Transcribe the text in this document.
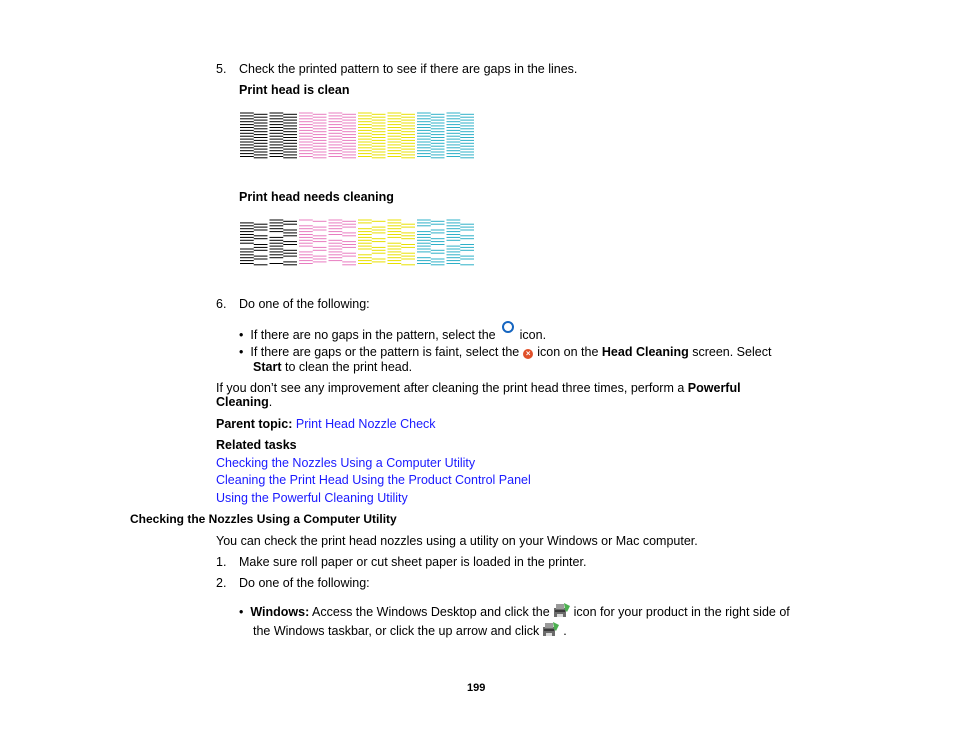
5. Check the printed pattern to see if there are gaps in the lines.
Print head is clean
Print head needs cleaning
6. Do one of the following:
• If there are no gaps in the pattern, select the icon.
• If there are gaps or the pattern is faint, select the × icon on the Head Cleaning screen. Select
Start to clean the print head.
If you don’t see any improvement after cleaning the print head three times, perform a Powerful
Cleaning.
Parent topic: Print Head Nozzle Check
Related tasks
Checking the Nozzles Using a Computer Utility
Cleaning the Print Head Using the Product Control Panel
Using the Powerful Cleaning Utility
Checking the Nozzles Using a Computer Utility
You can check the print head nozzles using a utility on your Windows or Mac computer.
1. Make sure roll paper or cut sheet paper is loaded in the printer.
2. Do one of the following:
• Windows: Access the Windows Desktop and click the icon for your product in the right side of
the Windows taskbar, or click the up arrow and click .
199
